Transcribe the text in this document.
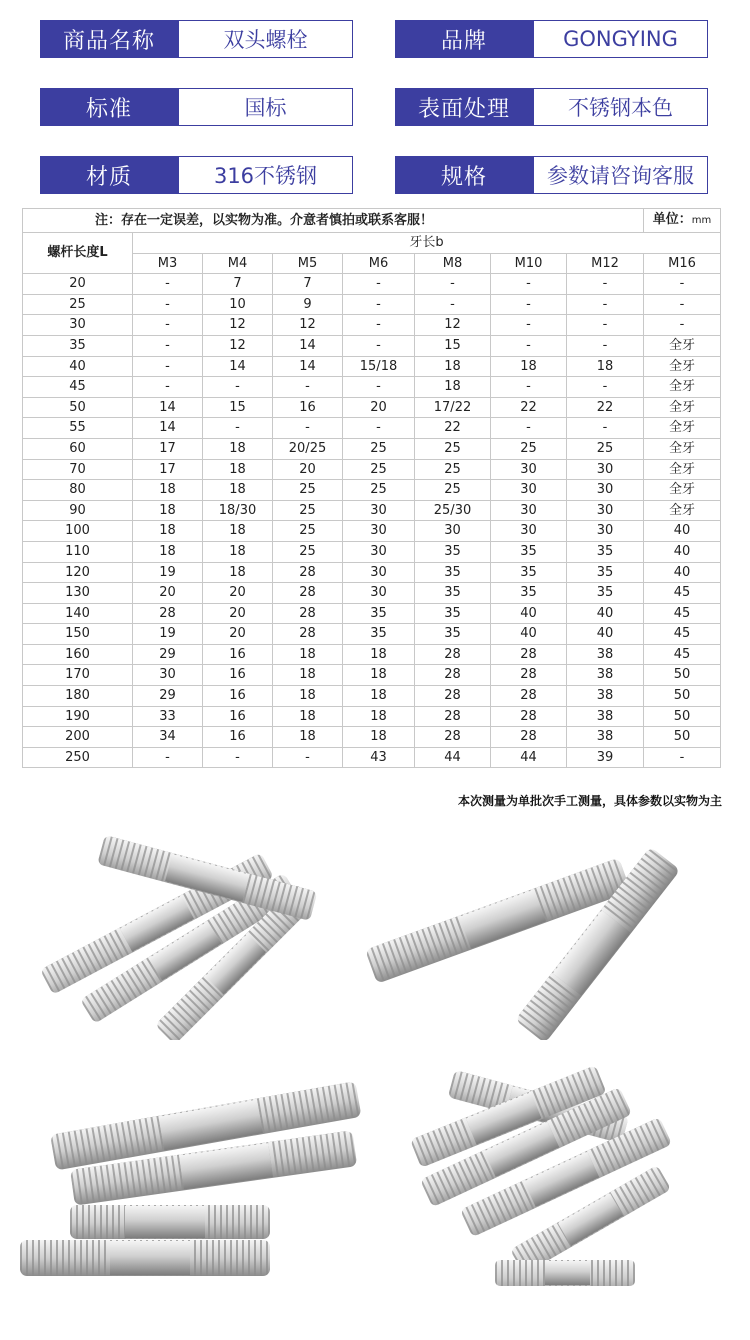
商品名称	双头螺栓	品牌	GONGYING
标准	国标	表面处理	不锈钢本色
材质	316不锈钢	规格	参数请咨询客服
注：存在一定误差，以实物为准。介意者慎拍或联系客服！								单位：mm
螺杆长度L	牙长b							
	M3	M4	M5	M6	M8	M10	M12	M16
20	-	7	7	-	-	-	-	-
25	-	10	9	-	-	-	-	-
30	-	12	12	-	12	-	-	-
35	-	12	14	-	15	-	-	全牙
40	-	14	14	15/18	18	18	18	全牙
45	-	-	-	-	18	-	-	全牙
50	14	15	16	20	17/22	22	22	全牙
55	14	-	-	-	22	-	-	全牙
60	17	18	20/25	25	25	25	25	全牙
70	17	18	20	25	25	30	30	全牙
80	18	18	25	25	25	30	30	全牙
90	18	18/30	25	30	25/30	30	30	全牙
100	18	18	25	30	30	30	30	40
110	18	18	25	30	35	35	35	40
120	19	18	28	30	35	35	35	40
130	20	20	28	30	35	35	35	45
140	28	20	28	35	35	40	40	45
150	19	20	28	35	35	40	40	45
160	29	16	18	18	28	28	38	45
170	30	16	18	18	28	28	38	50
180	29	16	18	18	28	28	38	50
190	33	16	18	18	28	28	38	50
200	34	16	18	18	28	28	38	50
250	-	-	-	43	44	44	39	-
本次测量为单批次手工测量，具体参数以实物为主
